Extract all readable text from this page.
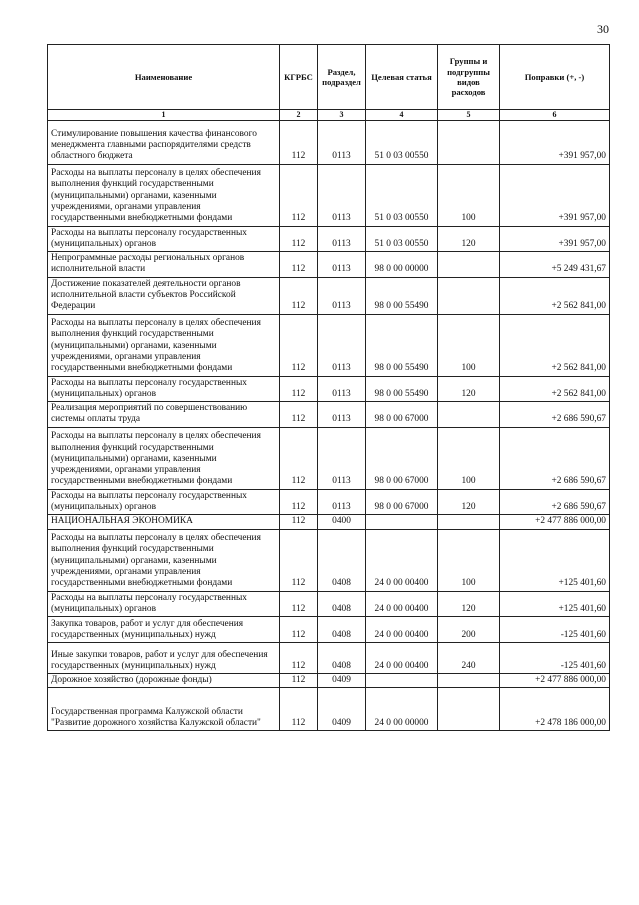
30
Наименование	КГРБС	Раздел, подраздел	Целевая статья	Группы и подгруппы видов расходов	Поправки (+, -)
1	2	3	4	5	6
Стимулирование повышения качества финансового менеджмента главными распорядителями средств областного бюджета	112	0113	51 0 03 00550		+391 957,00
Расходы на выплаты персоналу в целях обеспечения выполнения функций государственными (муниципальными) органами, казенными учреждениями, органами управления государственными внебюджетными фондами	112	0113	51 0 03 00550	100	+391 957,00
Расходы на выплаты персоналу государственных (муниципальных) органов	112	0113	51 0 03 00550	120	+391 957,00
Непрограммные расходы региональных органов исполнительной власти	112	0113	98 0 00 00000		+5 249 431,67
Достижение показателей деятельности органов исполнительной власти субъектов Российской Федерации	112	0113	98 0 00 55490		+2 562 841,00
Расходы на выплаты персоналу в целях обеспечения выполнения функций государственными (муниципальными) органами, казенными учреждениями, органами управления государственными внебюджетными фондами	112	0113	98 0 00 55490	100	+2 562 841,00
Расходы на выплаты персоналу государственных (муниципальных) органов	112	0113	98 0 00 55490	120	+2 562 841,00
Реализация мероприятий по совершенствованию системы оплаты труда	112	0113	98 0 00 67000		+2 686 590,67
Расходы на выплаты персоналу в целях обеспечения выполнения функций государственными (муниципальными) органами, казенными учреждениями, органами управления государственными внебюджетными фондами	112	0113	98 0 00 67000	100	+2 686 590,67
Расходы на выплаты персоналу государственных (муниципальных) органов	112	0113	98 0 00 67000	120	+2 686 590,67
НАЦИОНАЛЬНАЯ ЭКОНОМИКА	112	0400			+2 477 886 000,00
Расходы на выплаты персоналу в целях обеспечения выполнения функций государственными (муниципальными) органами, казенными учреждениями, органами управления государственными внебюджетными фондами	112	0408	24 0 00 00400	100	+125 401,60
Расходы на выплаты персоналу государственных (муниципальных) органов	112	0408	24 0 00 00400	120	+125 401,60
Закупка товаров, работ и услуг для обеспечения государственных (муниципальных) нужд	112	0408	24 0 00 00400	200	-125 401,60
Иные закупки товаров, работ и услуг для обеспечения государственных (муниципальных) нужд	112	0408	24 0 00 00400	240	-125 401,60
Дорожное хозяйство (дорожные фонды)	112	0409			+2 477 886 000,00
Государственная программа Калужской области "Развитие дорожного хозяйства Калужской области"	112	0409	24 0 00 00000		+2 478 186 000,00
